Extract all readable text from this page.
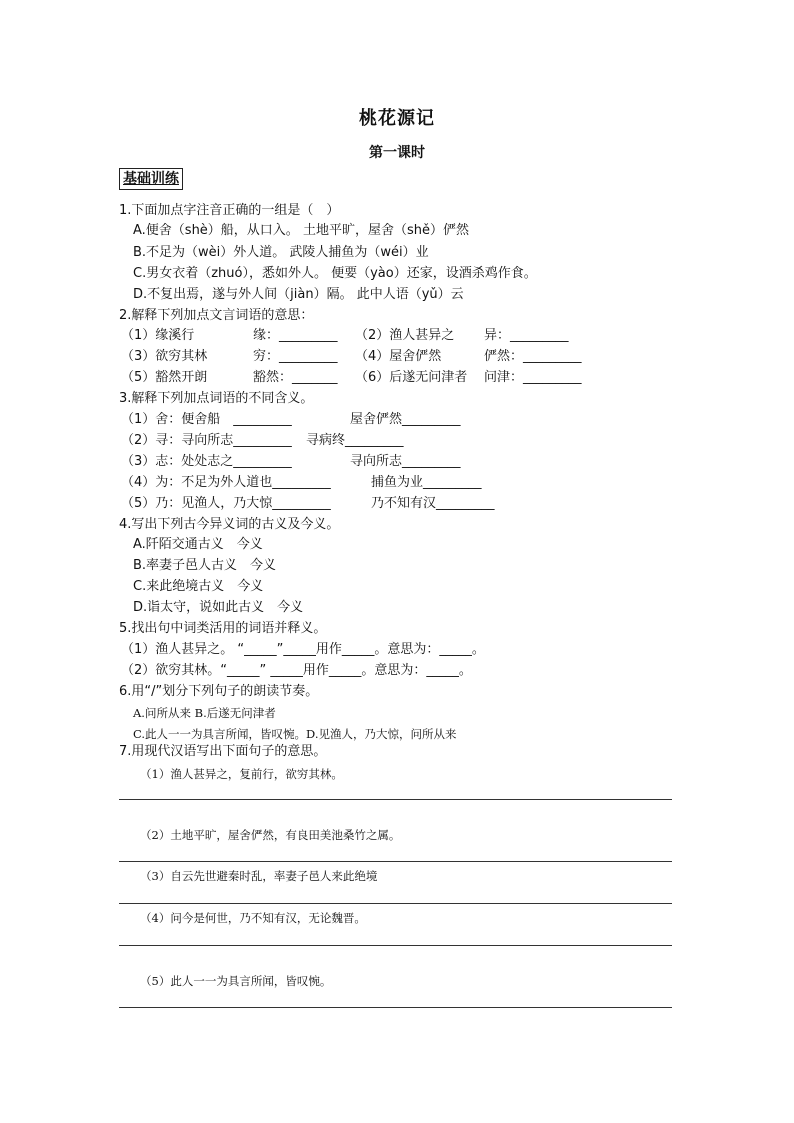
桃花源记
第一课时
基础训练
1.下面加点字注音正确的一组是（　）
A.便舍（shè）船，从口入。 土地平旷，屋舍（shě）俨然
B.不足为（wèi）外人道。 武陵人捕鱼为（wéi）业
C.男女衣着（zhuó），悉如外人。 便要（yào）还家，设酒杀鸡作食。
D.不复出焉，遂与外人间（jiàn）隔。 此中人语（yǔ）云
2.解释下列加点文言词语的意思：
（1）缘溪行	缘：_________ （2）渔人甚异之 异：_________
（3）欲穷其林	穷：_________ （4）屋舍俨然	俨然：_________
（5）豁然开朗	豁然：_______ （6）后遂无问津者 问津：_________
3.解释下列加点词语的不同含义。
（1）舍：便舍船　_________	屋舍俨然_________
（2）寻：寻向所志_________ 寻病终_________
（3）志：处处志之_________	寻向所志_________
（4）为：不足为外人道也_________	捕鱼为业_________
（5）乃：见渔人，乃大惊_________	乃不知有汉_________
4.写出下列古今异义词的古义及今义。
A.阡陌交通古义　今义
B.率妻子邑人古义　今义
C.来此绝境古义　今义
D.诣太守，说如此古义　今义
5.找出句中词类活用的词语并释义。
（1）渔人甚异之。 “_____”_____用作_____。意思为：_____。
（2）欲穷其林。“_____” _____用作_____。意思为：_____。
6.用“/”划分下列句子的朗读节奏。
A.问所从来 B.后遂无问津者
C.此人一一为具言所闻，皆叹惋。D.见渔人，乃大惊，问所从来
7.用现代汉语写出下面句子的意思。
（1）渔人甚异之，复前行，欲穷其林。
（2）土地平旷，屋舍俨然，有良田美池桑竹之属。
（3）自云先世避秦时乱，率妻子邑人来此绝境
（4）问今是何世，乃不知有汉，无论魏晋。
（5）此人一一为具言所闻，皆叹惋。
